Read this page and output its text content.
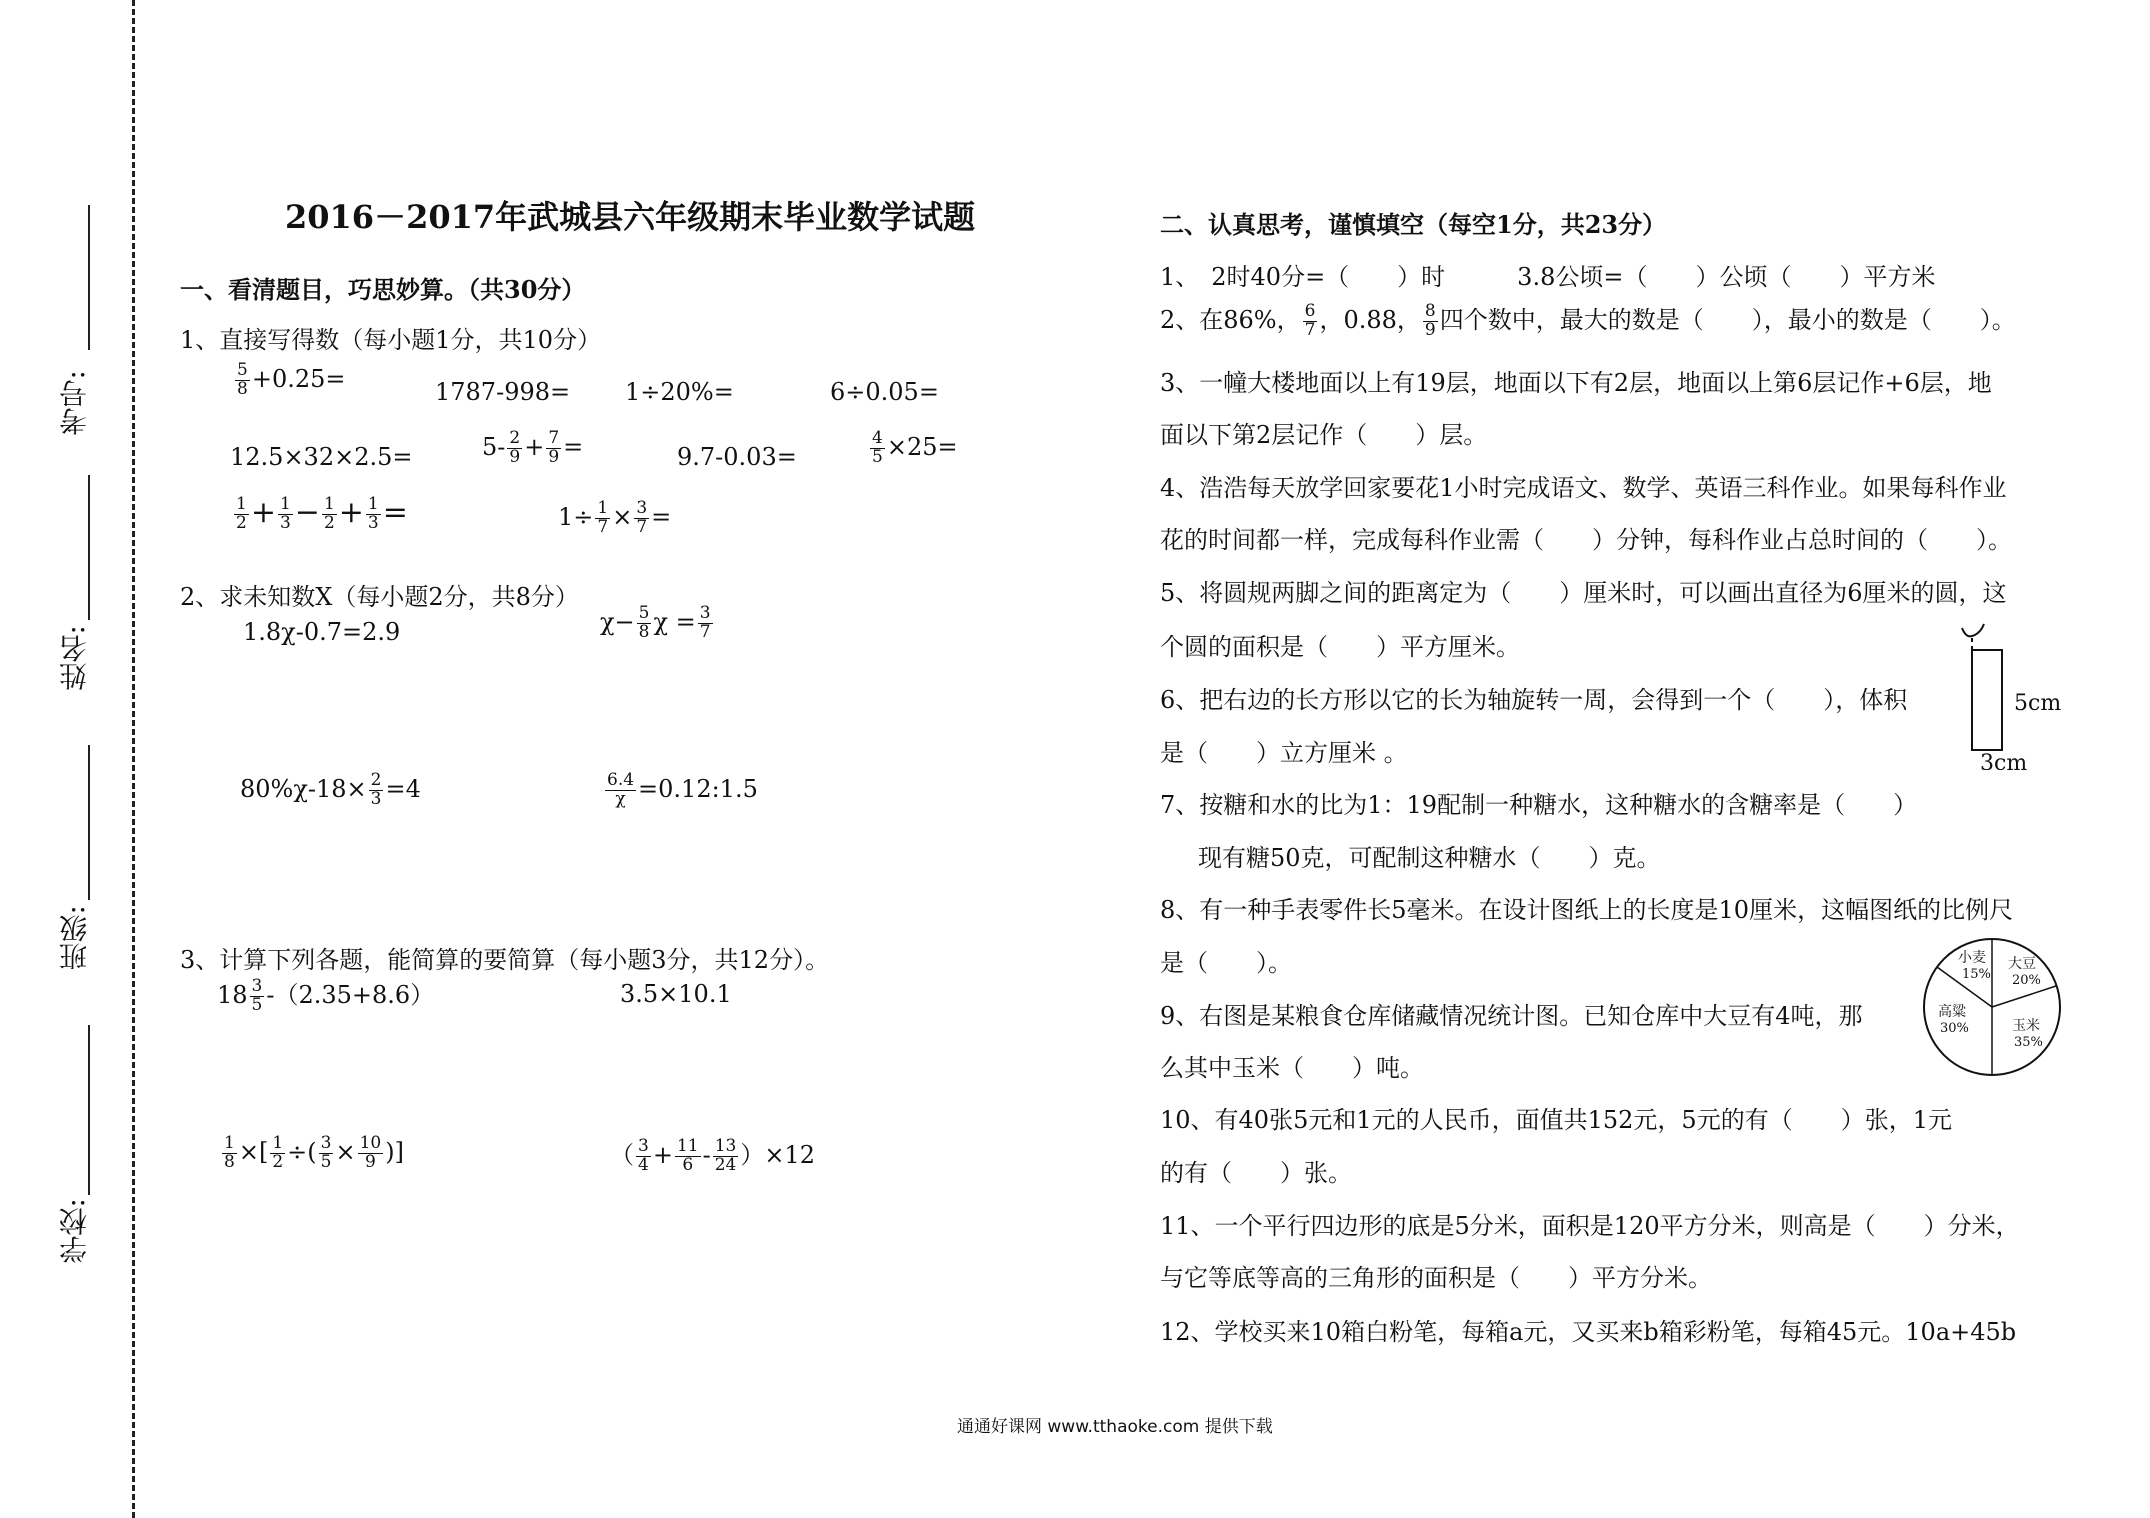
考号:
姓名:
班级:
学校:
2016－2017年武城县六年级期末毕业数学试题
一、看清题目，巧思妙算。（共30分）
1、直接写得数（每小题1分，共10分）
$\frac{5}{8} +0.25=$	1787-998= 1÷20%=	6÷0.05=
12.5×32×2.5=	$5- \frac{2}{9} + \frac{7}{9}$ =	9.7-0.03=	$\frac{4}{5} \times 25=$
$\frac{1}{2} + \frac{1}{3} - \frac{1}{2} + \frac{1}{3}$ =	$1\div \frac{1}{7} \times \frac{3}{7}$ =
2、求未知数X（每小题2分，共8分）
1.8χ-0.7=2.9	$\chi- \frac{5}{8}$ $\chi = \frac{3}{7}$
$80\%\chi-18\times \frac{2}{3} =4$	$\frac{6.4}{\chi}$ =0.12:1.5
3、计算下列各题，能简算的要简算（每小题3分，共12分）。
$18 \frac{3}{5} -(2.35+8.6)$	3.5×10.1
$\frac{1}{8}$ ×[ $\frac{1}{2}$ ÷( $\frac{3}{5} \times \frac{10}{9}$ )]	（ $\frac{3}{4} + \frac{11}{6} - \frac{13}{24} )\times 12$
二、认真思考，谨慎填空（每空1分，共23分）
1、　2时40分=（　　）时　　　3.8公顷=（　　）公顷（　　）平方米
2、在86%， $\frac{6}{7}$ ，0.88， $\frac{8}{9}$ 四个数中，最大的数是（　　），最小的数是（　　）。
3、一幢大楼地面以上有19层，地面以下有2层，地面以上第6层记作+6层，地
面以下第2层记作（　　）层。
4、浩浩每天放学回家要花1小时完成语文、数学、英语三科作业。如果每科作业
花的时间都一样，完成每科作业需（　　）分钟，每科作业占总时间的（　　）。
5、将圆规两脚之间的距离定为（　　）厘米时，可以画出直径为6厘米的圆，这
个圆的面积是（　　）平方厘米。
6、把右边的长方形以它的长为轴旋转一周，会得到一个（　　），体积
是（　　）立方厘米 。
5cm
3cm
7、按糖和水的比为1：19配制一种糖水，这种糖水的含糖率是（　　）
现有糖50克，可配制这种糖水（　　）克。
8、有一种手表零件长5毫米。在设计图纸上的长度是10厘米，这幅图纸的比例尺
是（　　）。
9、右图是某粮食仓库储藏情况统计图。已知仓库中大豆有4吨，那
么其中玉米（　　）吨。
小麦
15%
大豆
20%
玉米
35%
高粱
30%
10、有40张5元和1元的人民币，面值共152元，5元的有（　　）张，1元
的有（　　）张。
11、一个平行四边形的底是5分米，面积是120平方分米，则高是（　　）分米，
与它等底等高的三角形的面积是（　　）平方分米。
12、学校买来10箱白粉笔，每箱a元，又买来b箱彩粉笔，每箱45元。10a+45b
通通好课网 www.tthaoke.com 提供下载
